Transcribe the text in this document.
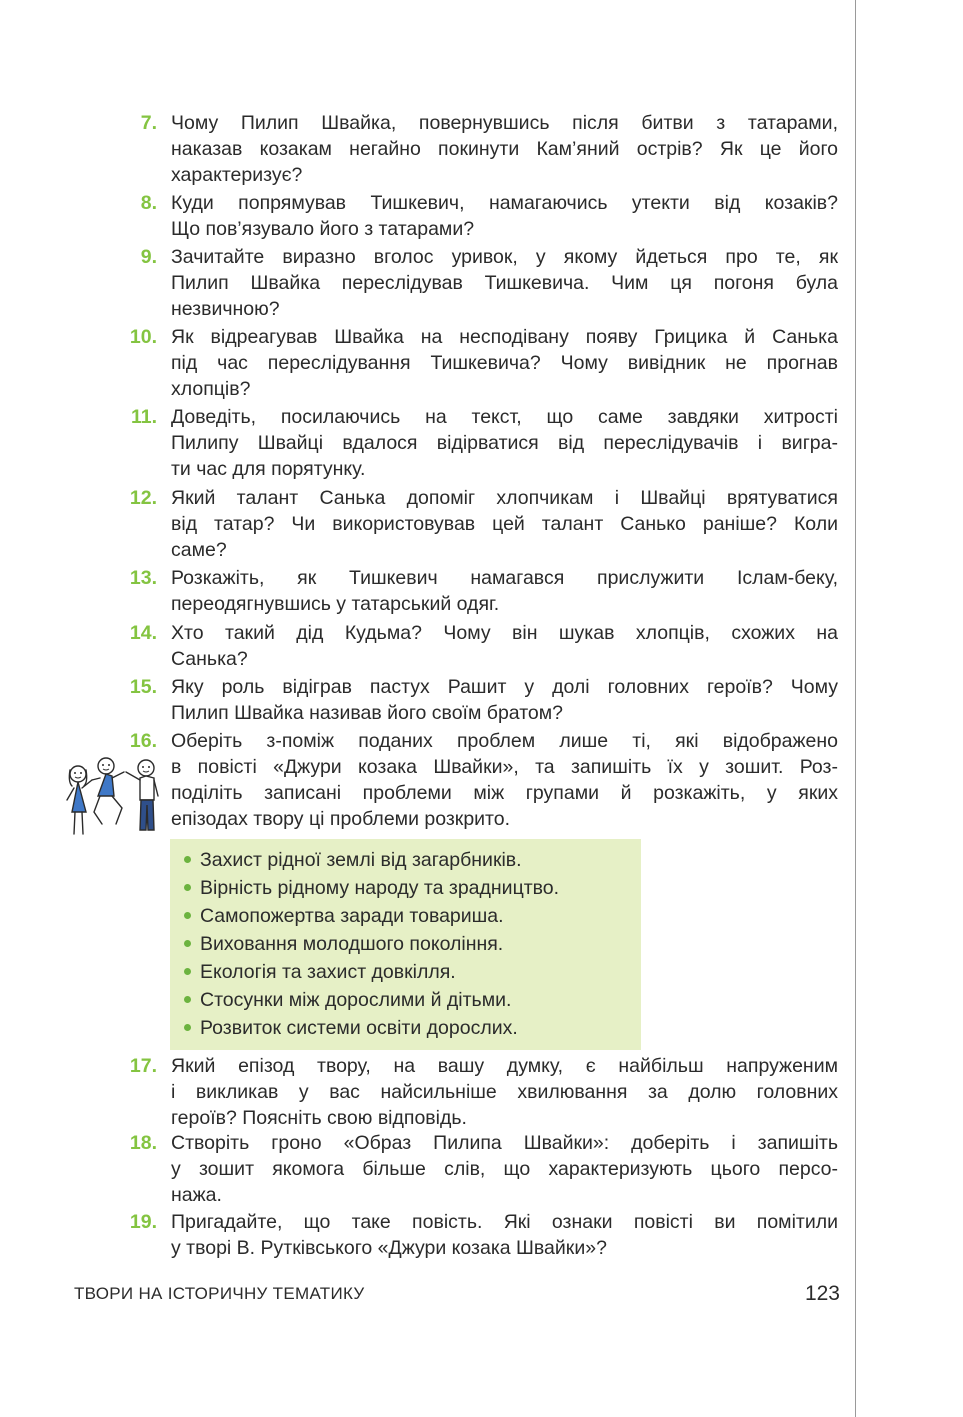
7. Чому Пилип Швайка, повернувшись після битви з татарами,
наказав козакам негайно покинути Кам’яний острів? Як це його
характеризує?
8. Куди попрямував Тишкевич, намагаючись утекти від козаків?
Що пов’язувало його з татарами?
9. Зачитайте виразно вголос уривок, у якому йдеться про те, як
Пилип Швайка переслідував Тишкевича. Чим ця погоня була
незвичною?
10. Як відреагував Швайка на несподівану появу Грицика й Санька
під час переслідування Тишкевича? Чому вивідник не прогнав
хлопців?
11. Доведіть, посилаючись на текст, що саме завдяки хитрості
Пилипу Швайці вдалося відірватися від переслідувачів і вигра-
ти час для порятунку.
12. Який талант Санька допоміг хлопчикам і Швайці врятуватися
від татар? Чи використовував цей талант Санько раніше? Коли
саме?
13. Розкажіть, як Тишкевич намагався прислужити Іслам-беку,
переодягнувшись у татарський одяг.
14. Хто такий дід Кудьма? Чому він шукав хлопців, схожих на
Санька?
15. Яку роль відіграв пастух Рашит у долі головних героїв? Чому
Пилип Швайка називав його своїм братом?
16. Оберіть з-поміж поданих проблем лише ті, які відображено
в повісті «Джури козака Швайки», та запишіть їх у зошит. Роз-
поділіть записані проблеми між групами й розкажіть, у яких
епізодах твору ці проблеми розкрито.
17. Який епізод твору, на вашу думку, є найбільш напруженим
і викликав у вас найсильніше хвилювання за долю головних
героїв? Поясніть свою відповідь.
18. Створіть гроно «Образ Пилипа Швайки»: доберіть і запишіть
у зошит якомога більше слів, що характеризують цього персо-
нажа.
19. Пригадайте, що таке повість. Які ознаки повісті ви помітили
у творі В. Рутківського «Джури козака Швайки»?
Захист рідної землі від загарбників.
Вірність рідному народу та зрадництво.
Самопожертва заради товариша.
Виховання молодшого покоління.
Екологія та захист довкілля.
Стосунки між дорослими й дітьми.
Розвиток системи освіти дорослих.
ТВОРИ НА ІСТОРИЧНУ ТЕМАТИКУ	123
